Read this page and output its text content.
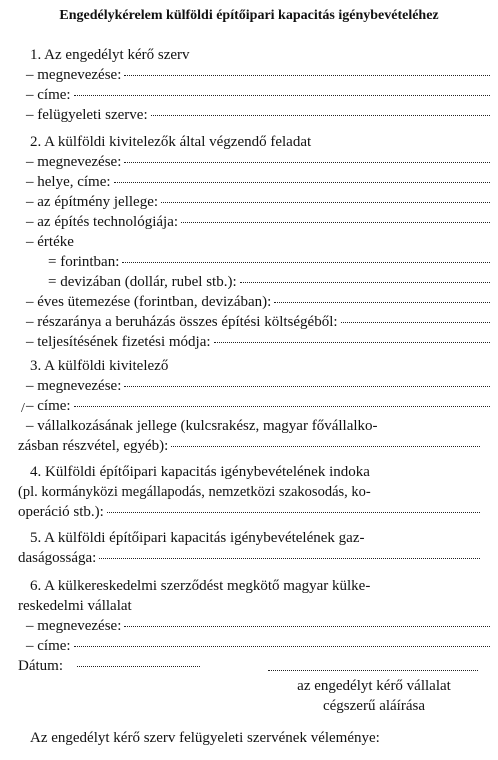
Engedélykérelem külföldi építőipari kapacitás igénybevételéhez
1. Az engedélyt kérő szerv
– megnevezése:
– címe:
– felügyeleti szerve:
2. A külföldi kivitelezők által végzendő feladat
– megnevezése:
– helye, címe:
– az építmény jellege:
– az építés technológiája:
– értéke
= forintban:
= devizában (dollár, rubel stb.):
– éves ütemezése (forintban, devizában):
– részaránya a beruházás összes építési költségéből:
– teljesítésének fizetési módja:
3. A külföldi kivitelező
– megnevezése:
/ – címe:
– vállalkozásának jellege (kulcsrakész, magyar fővállalko-
zásban részvétel, egyéb):
4. Külföldi építőipari kapacitás igénybevételének indoka
(pl. kormányközi megállapodás, nemzetközi szakosodás, ko-
operáció stb.):
5. A külföldi építőipari kapacitás igénybevételének gaz-
daságossága:
6. A külkereskedelmi szerződést megkötő magyar külke-
reskedelmi vállalat
– megnevezése:
– címe:
Dátum:
az engedélyt kérő vállalat
cégszerű aláírása
Az engedélyt kérő szerv felügyeleti szervének véleménye:
